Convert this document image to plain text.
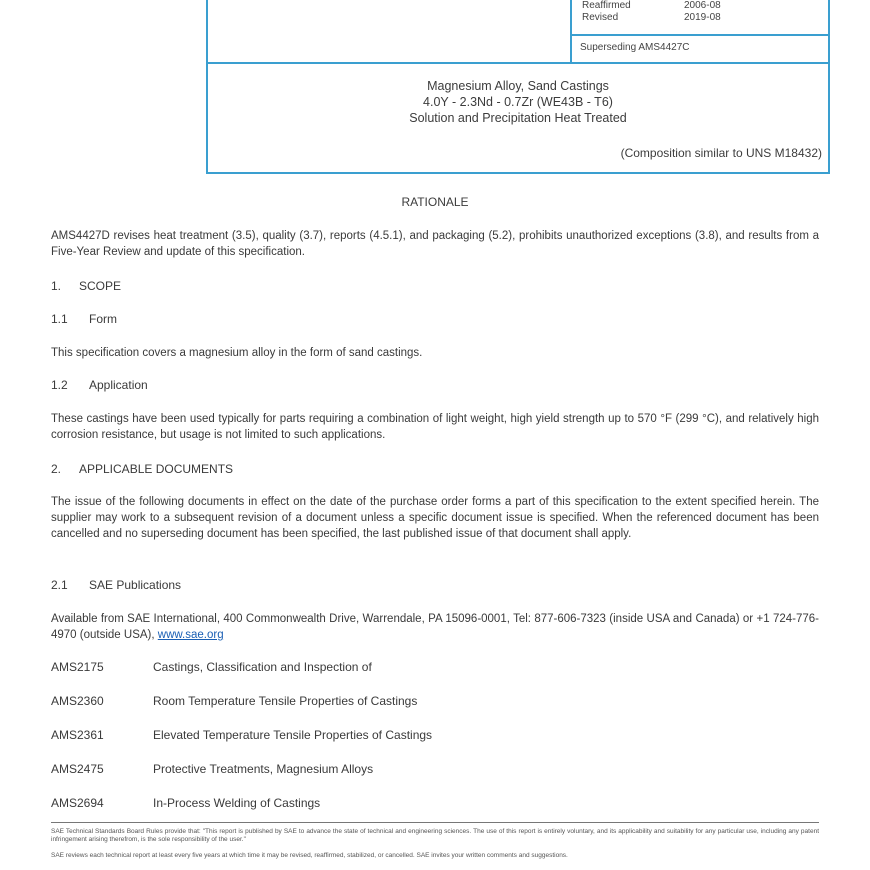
Reaffirmed	2006-08
Revised	2019-08
Superseding AMS4427C
Magnesium Alloy, Sand Castings
4.0Y - 2.3Nd - 0.7Zr (WE43B - T6)
Solution and Precipitation Heat Treated
(Composition similar to UNS M18432)
RATIONALE
AMS4427D revises heat treatment (3.5), quality (3.7), reports (4.5.1), and packaging (5.2), prohibits unauthorized exceptions (3.8), and results from a Five-Year Review and update of this specification.
1. SCOPE
1.1 Form
This specification covers a magnesium alloy in the form of sand castings.
1.2 Application
These castings have been used typically for parts requiring a combination of light weight, high yield strength up to 570 °F (299 °C), and relatively high corrosion resistance, but usage is not limited to such applications.
2. APPLICABLE DOCUMENTS
The issue of the following documents in effect on the date of the purchase order forms a part of this specification to the extent specified herein. The supplier may work to a subsequent revision of a document unless a specific document issue is specified. When the referenced document has been cancelled and no superseding document has been specified, the last published issue of that document shall apply.
2.1 SAE Publications
Available from SAE International, 400 Commonwealth Drive, Warrendale, PA 15096-0001, Tel: 877-606-7323 (inside USA and Canada) or +1 724-776-4970 (outside USA), www.sae.org
AMS2175	Castings, Classification and Inspection of
AMS2360	Room Temperature Tensile Properties of Castings
AMS2361	Elevated Temperature Tensile Properties of Castings
AMS2475	Protective Treatments, Magnesium Alloys
AMS2694	In-Process Welding of Castings
SAE Technical Standards Board Rules provide that: "This report is published by SAE to advance the state of technical and engineering sciences. The use of this report is entirely voluntary, and its applicability and suitability for any particular use, including any patent infringement arising therefrom, is the sole responsibility of the user."
SAE reviews each technical report at least every five years at which time it may be revised, reaffirmed, stabilized, or cancelled. SAE invites your written comments and suggestions.
